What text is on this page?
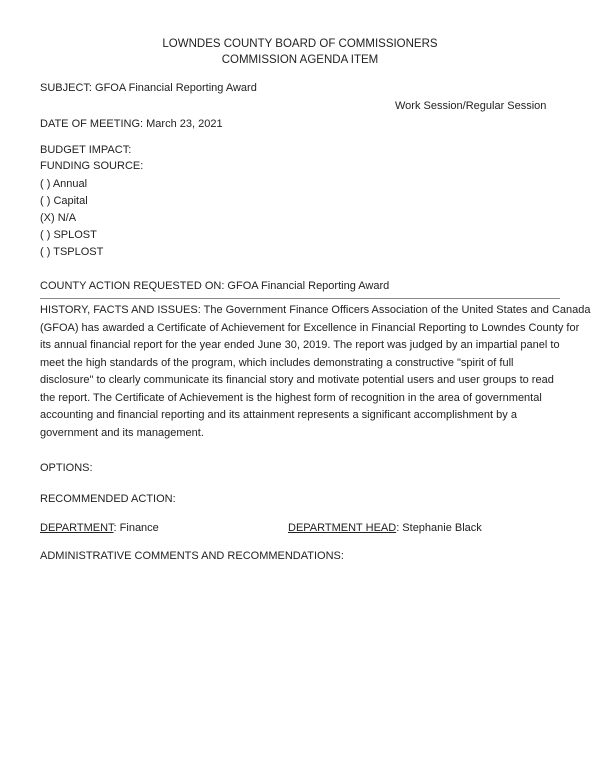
LOWNDES COUNTY BOARD OF COMMISSIONERS
COMMISSION AGENDA ITEM
SUBJECT: GFOA Financial Reporting Award
Work Session/Regular Session
DATE OF MEETING: March 23, 2021
BUDGET IMPACT:
FUNDING SOURCE:
( ) Annual
( ) Capital
(X) N/A
( ) SPLOST
( ) TSPLOST
COUNTY ACTION REQUESTED ON: GFOA Financial Reporting Award
HISTORY, FACTS AND ISSUES: The Government Finance Officers Association of the United States and Canada
(GFOA) has awarded a Certificate of Achievement for Excellence in Financial Reporting to Lowndes County for
its annual financial report for the year ended June 30, 2019. The report was judged by an impartial panel to
meet the high standards of the program, which includes demonstrating a constructive "spirit of full
disclosure" to clearly communicate its financial story and motivate potential users and user groups to read
the report. The Certificate of Achievement is the highest form of recognition in the area of governmental
accounting and financial reporting and its attainment represents a significant accomplishment by a
government and its management.
OPTIONS:
RECOMMENDED ACTION:
DEPARTMENT: Finance	DEPARTMENT HEAD: Stephanie Black
ADMINISTRATIVE COMMENTS AND RECOMMENDATIONS:
